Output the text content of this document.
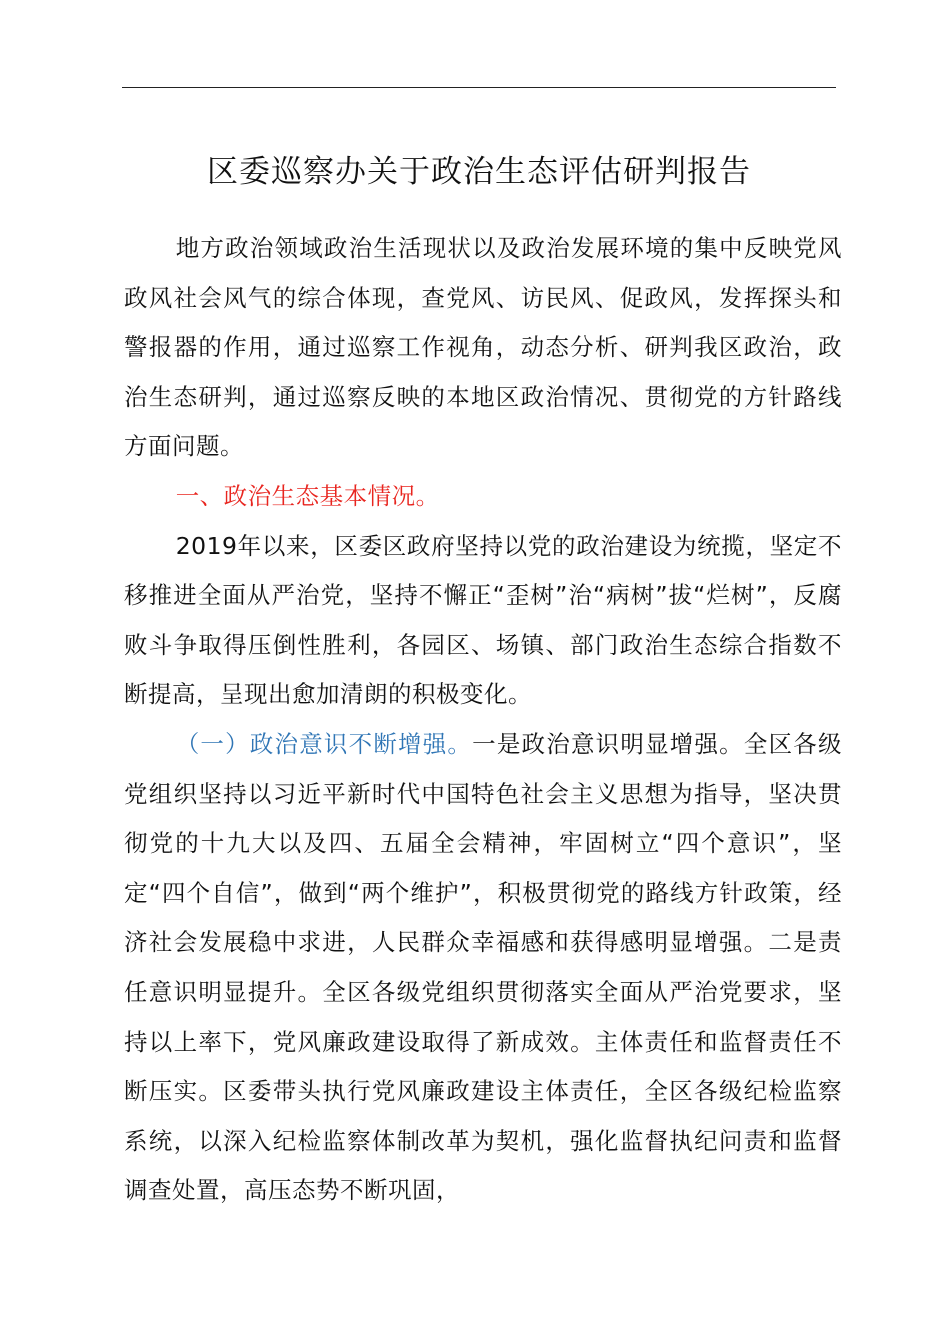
区委巡察办关于政治生态评估研判报告

地方政治领域政治生活现状以及政治发展环境的集中反映党风政风社会风气的综合体现，查党风、访民风、促政风，发挥探头和警报器的作用，通过巡察工作视角，动态分析、研判我区政治，政治生态研判，通过巡察反映的本地区政治情况、贯彻党的方针路线方面问题。

一、政治生态基本情况。

2019年以来，区委区政府坚持以党的政治建设为统揽，坚定不移推进全面从严治党，坚持不懈正“歪树”治“病树”拔“烂树”，反腐败斗争取得压倒性胜利，各园区、场镇、部门政治生态综合指数不断提高，呈现出愈加清朗的积极变化。

（一）政治意识不断增强。一是政治意识明显增强。全区各级党组织坚持以习近平新时代中国特色社会主义思想为指导，坚决贯彻党的十九大以及四、五届全会精神，牢固树立“四个意识”，坚定“四个自信”，做到“两个维护”，积极贯彻党的路线方针政策，经济社会发展稳中求进，人民群众幸福感和获得感明显增强。二是责任意识明显提升。全区各级党组织贯彻落实全面从严治党要求，坚持以上率下，党风廉政建设取得了新成效。主体责任和监督责任不断压实。区委带头执行党风廉政建设主体责任，全区各级纪检监察系统，以深入纪检监察体制改革为契机，强化监督执纪问责和监督调查处置，高压态势不断巩固，
